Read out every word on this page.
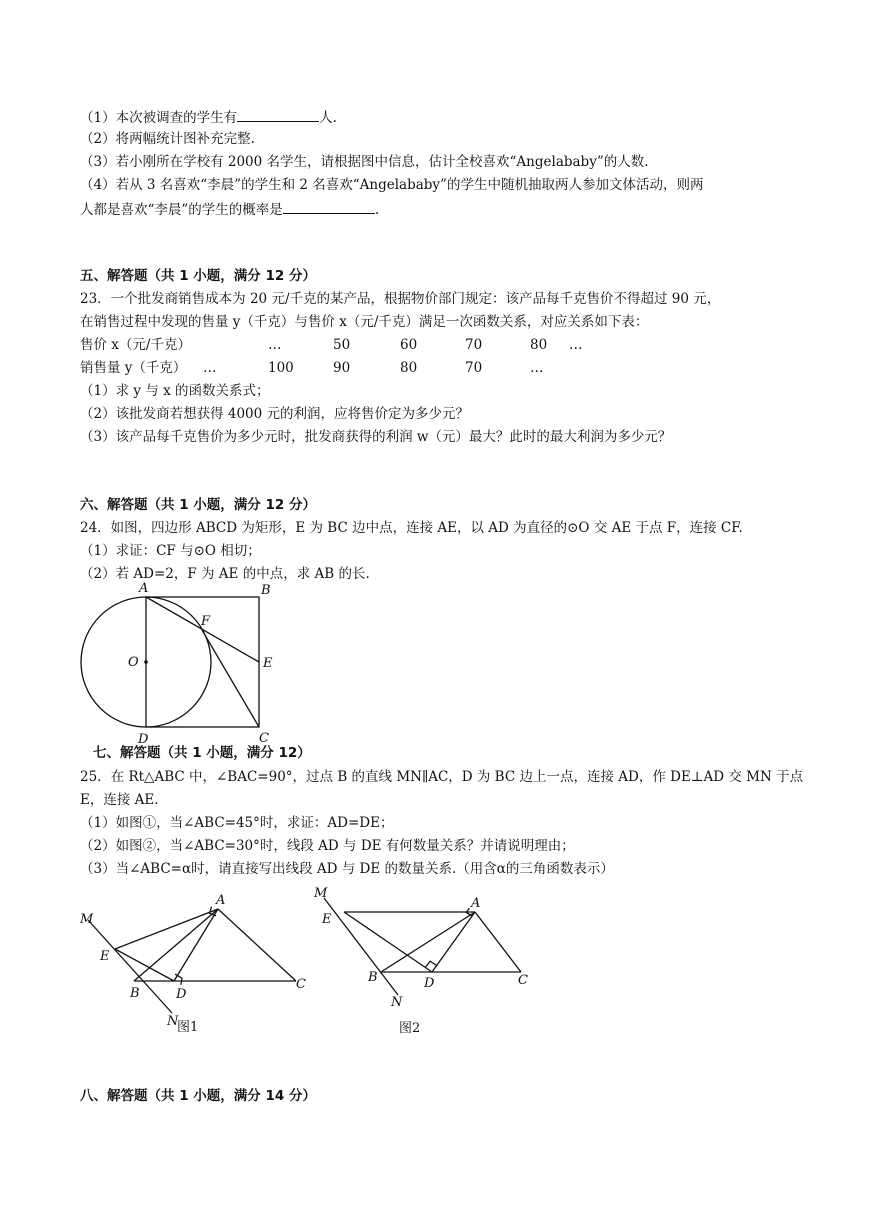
（1）本次被调查的学生有	人.
（2）将两幅统计图补充完整.
（3）若小刚所在学校有 2000 名学生，请根据图中信息，估计全校喜欢“Angelababy”的人数.
（4）若从 3 名喜欢“李晨”的学生和 2 名喜欢“Angelababy”的学生中随机抽取两人参加文体活动，则两
人都是喜欢“李晨”的学生的概率是	.
五、解答题（共 1 小题，满分 12 分）
23．一个批发商销售成本为 20 元/千克的某产品，根据物价部门规定：该产品每千克售价不得超过 90 元，
在销售过程中发现的售量 y（千克）与售价 x（元/千克）满足一次函数关系，对应关系如下表：
售价 x（元/千克）	…	50	60	70	80 …
销售量 y（千克） …	100	90	80	70	…
（1）求 y 与 x 的函数关系式；
（2）该批发商若想获得 4000 元的利润，应将售价定为多少元？
（3）该产品每千克售价为多少元时，批发商获得的利润 w（元）最大？此时的最大利润为多少元？
六、解答题（共 1 小题，满分 12 分）
24．如图，四边形 ABCD 为矩形，E 为 BC 边中点，连接 AE，以 AD 为直径的⊙O 交 AE 于点 F，连接 CF.
（1）求证：CF 与⊙O 相切；
（2）若 AD=2，F 为 AE 的中点，求 AB 的长.
A	B
C
D
E
F
O
七、解答题（共 1 小题，满分 12）
25．在 Rt△ABC 中，∠BAC=90°，过点 B 的直线 MN∥AC，D 为 BC 边上一点，连接 AD，作 DE⊥AD 交 MN 于点
E，连接 AE.
（1）如图①，当∠ABC=45°时，求证：AD=DE；
（2）如图②，当∠ABC=30°时，线段 AD 与 DE 有何数量关系？并请说明理由；
（3）当∠ABC=α时，请直接写出线段 AD 与 DE 的数量关系.（用含α的三角函数表示）
M
E
A
B	D
C
N
图1
M
E
A
B	D	C
N
图2
八、解答题（共 1 小题，满分 14 分）
